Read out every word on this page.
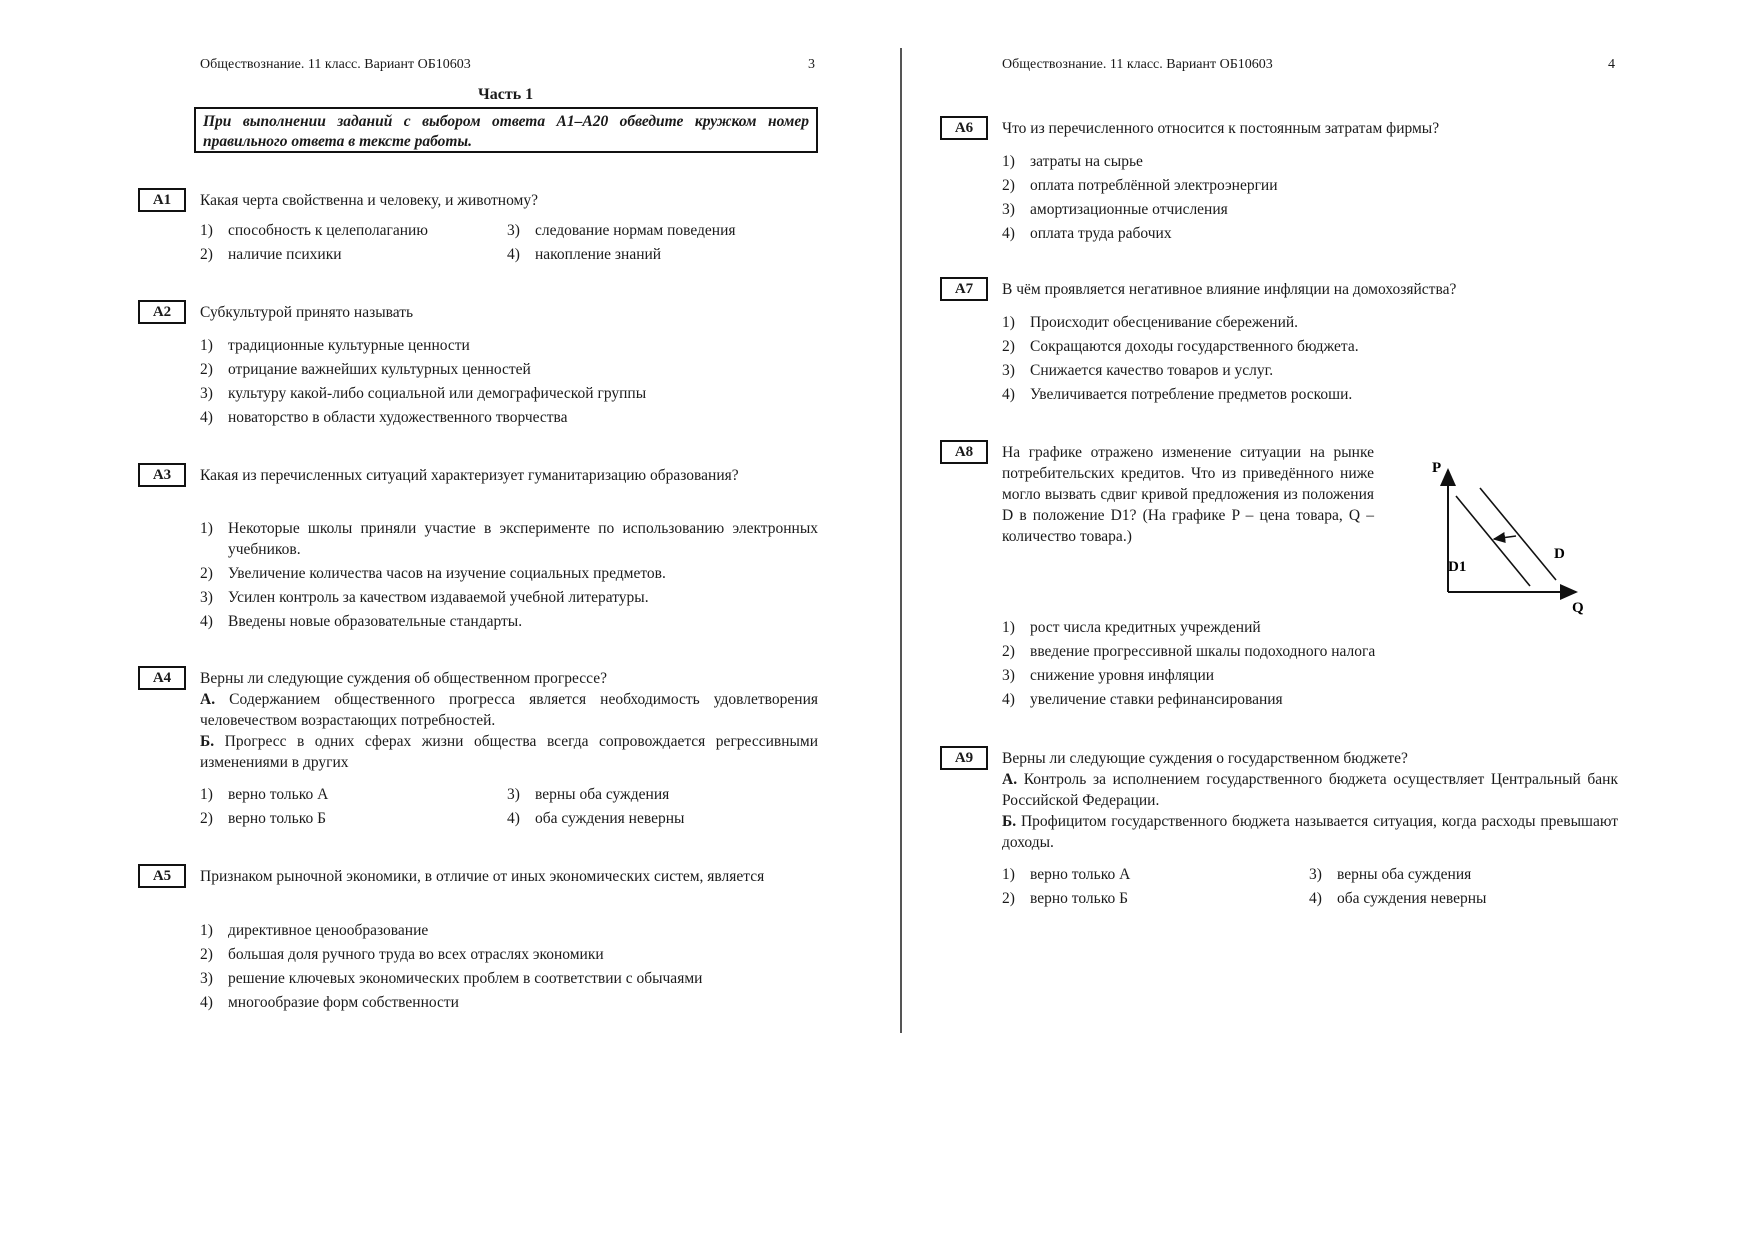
Обществознание. 11 класс. Вариант ОБ10603	3
Часть 1
При выполнении заданий с выбором ответа А1–А20 обведите кружком номер правильного ответа в тексте работы.
А1	Какая черта свойственна и человеку, и животному?
1) способность к целеполаганию
2) наличие психики
3) следование нормам поведения
4) накопление знаний
А2	Субкультурой принято называть
1) традиционные культурные ценности
2) отрицание важнейших культурных ценностей
3) культуру какой-либо социальной или демографической группы
4) новаторство в области художественного творчества
А3	Какая из перечисленных ситуаций характеризует гуманитаризацию образования?
1) Некоторые школы приняли участие в эксперименте по использованию электронных учебников.
2) Увеличение количества часов на изучение социальных предметов.
3) Усилен контроль за качеством издаваемой учебной литературы.
4) Введены новые образовательные стандарты.
А4	Верны ли следующие суждения об общественном прогрессе?
А. Содержанием общественного прогресса является необходимость удовлетворения человечеством возрастающих потребностей.
Б. Прогресс в одних сферах жизни общества всегда сопровождается регрессивными изменениями в других
1) верно только А
2) верно только Б
3) верны оба суждения
4) оба суждения неверны
А5	Признаком рыночной экономики, в отличие от иных экономических систем, является
1) директивное ценообразование
2) большая доля ручного труда во всех отраслях экономики
3) решение ключевых экономических проблем в соответствии с обычаями
4) многообразие форм собственности
Обществознание. 11 класс. Вариант ОБ10603	4
А6	Что из перечисленного относится к постоянным затратам фирмы?
1) затраты на сырье
2) оплата потреблённой электроэнергии
3) амортизационные отчисления
4) оплата труда рабочих
А7	В чём проявляется негативное влияние инфляции на домохозяйства?
1) Происходит обесценивание сбережений.
2) Сокращаются доходы государственного бюджета.
3) Снижается качество товаров и услуг.
4) Увеличивается потребление предметов роскоши.
А8	На графике отражено изменение ситуации на рынке потребительских кредитов. Что из приведённого ниже могло вызвать сдвиг кривой предложения из положения D в положение D1? (На графике P – цена товара, Q – количество товара.)
1) рост числа кредитных учреждений
2) введение прогрессивной шкалы подоходного налога
3) снижение уровня инфляции
4) увеличение ставки рефинансирования
P
Q
D
D1
А9	Верны ли следующие суждения о государственном бюджете?
А. Контроль за исполнением государственного бюджета осуществляет Центральный банк Российской Федерации.
Б. Профицитом государственного бюджета называется ситуация, когда расходы превышают доходы.
1) верно только А
2) верно только Б
3) верны оба суждения
4) оба суждения неверны
